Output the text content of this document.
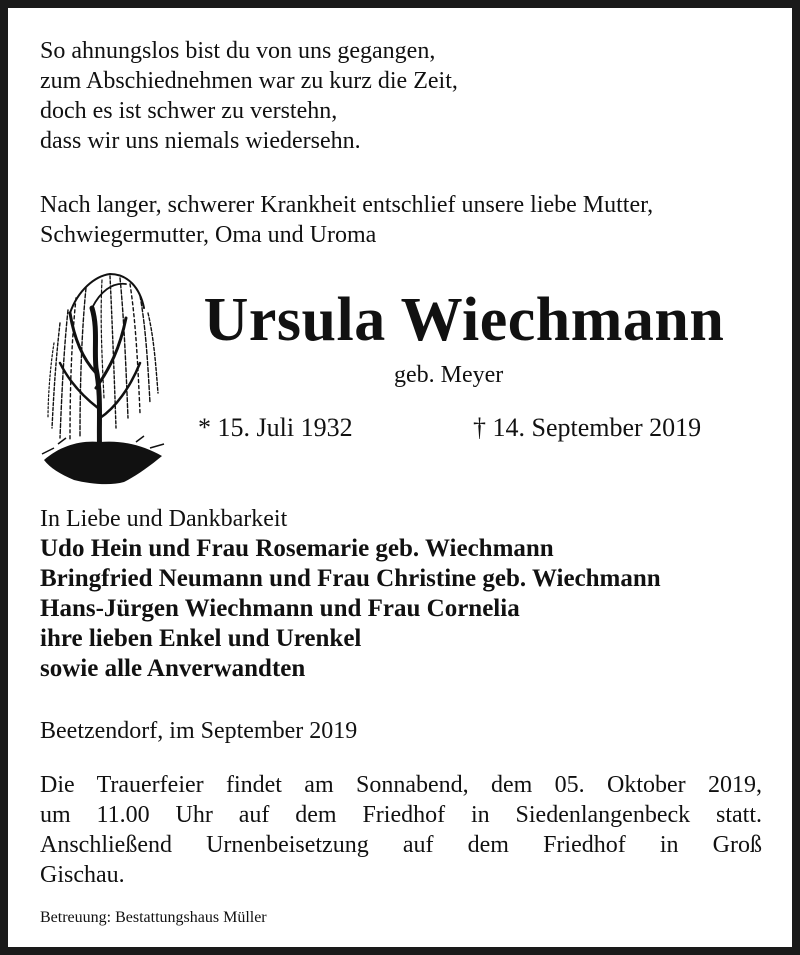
So ahnungslos bist du von uns gegangen,
zum Abschiednehmen war zu kurz die Zeit,
doch es ist schwer zu verstehn,
dass wir uns niemals wiedersehn.
Nach langer, schwerer Krankheit entschlief unsere liebe Mutter,
Schwiegermutter, Oma und Uroma
Ursula Wiechmann
geb. Meyer
* 15. Juli 1932	† 14. September 2019
In Liebe und Dankbarkeit
Udo Hein und Frau Rosemarie geb. Wiechmann
Bringfried Neumann und Frau Christine geb. Wiechmann
Hans-Jürgen Wiechmann und Frau Cornelia
ihre lieben Enkel und Urenkel
sowie alle Anverwandten
Beetzendorf, im September 2019
Die Trauerfeier findet am Sonnabend, dem 05. Oktober 2019,
um 11.00 Uhr auf dem Friedhof in Siedenlangenbeck statt.
Anschließend Urnenbeisetzung auf dem Friedhof in Groß
Gischau.
Betreuung: Bestattungshaus Müller
